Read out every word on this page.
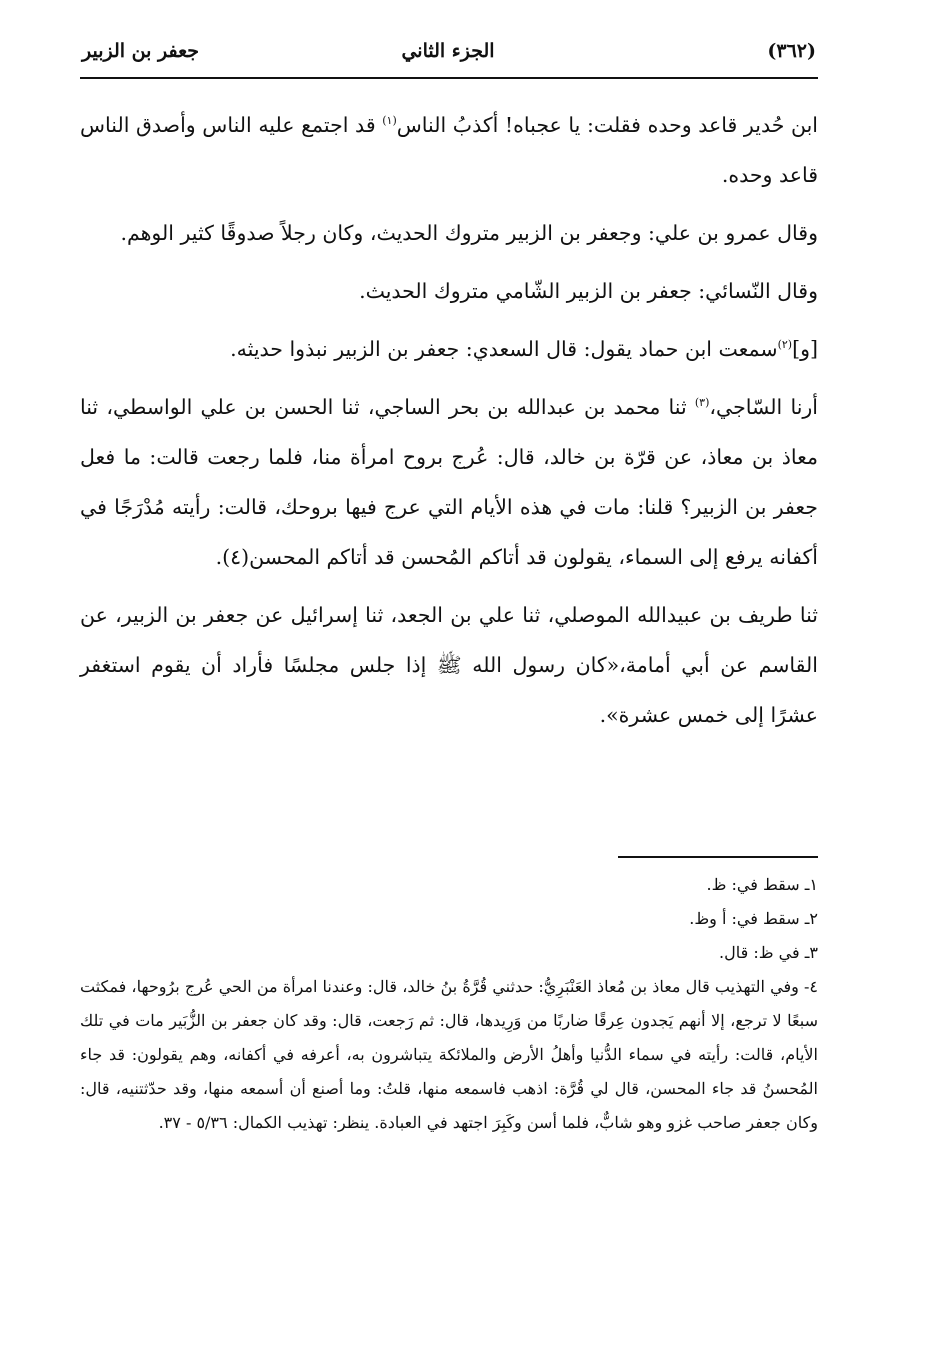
(٣٦٢)
الجزء الثاني
جعفر بن الزبير

ابن حُدير قاعد وحده فقلت: يا عجباه! أكذبُ الناس$^{(١)}$ قد اجتمع عليه الناس وأصدق الناس قاعد وحده.

وقال عمرو بن علي: وجعفر بن الزبير متروك الحديث، وكان رجلاً صدوقًا كثير الوهم.

وقال النّسائي: جعفر بن الزبير الشّامي متروك الحديث.

[و]$^{(٢)}$سمعت ابن حماد يقول: قال السعدي: جعفر بن الزبير نبذوا حديثه.

أرنا السّاجي،$^{(٣)}$ ثنا محمد بن عبدالله بن بحر الساجي، ثنا الحسن بن علي الواسطي، ثنا معاذ بن معاذ، عن قرّة بن خالد، قال: عُرج بروح امرأة منا، فلما رجعت قالت: ما فعل جعفر بن الزبير؟ قلنا: مات في هذه الأيام التي عرج فيها بروحك، قالت: رأيته مُدْرَجًا في أكفانه يرفع إلى السماء، يقولون قد أتاكم المُحسن قد أتاكم المحسن(٤).

ثنا طريف بن عبيدالله الموصلي، ثنا علي بن الجعد، ثنا إسرائيل عن جعفر بن الزبير، عن القاسم عن أبي أمامة،«كان رسول الله ﷺ إذا جلس مجلسًا فأراد أن يقوم استغفر عشرًا إلى خمس عشرة».

١ـ سقط في: ظ.

٢ـ سقط في: أ وظ.

٣ـ في ظ: قال.

٤- وفي التهذيب قال معاذ بن مُعاذ العَنْبَرِيُّ: حدثني قُرَّةُ بنُ خالد، قال: وعندنا امرأة من الحي عُرج برُوحها، فمكثت سبعًا لا ترجع، إلا أنهم يَجدون عِرقًا ضاربًا من وَرِيدها، قال: ثم رَجعت، قال: وقد كان جعفر بن الزُّبَير مات في تلك الأيام، قالت: رأيته في سماء الدُّنيا وأهلُ الأرض والملائكة يتباشرون به، أعرفه في أكفانه، وهم يقولون: قد جاء المُحسنُ قد جاء المحسن، قال لي قُرَّة: اذهب فاسمعه منها، قلتُ: وما أصنع أن أسمعه منها، وقد حدّثتنيه، قال: وكان جعفر صاحب غزو وهو شابٌّ، فلما أسن وكَبِرَ اجتهد في العبادة. ينظر: تهذيب الكمال: ٥/٣٦ - ٣٧.
